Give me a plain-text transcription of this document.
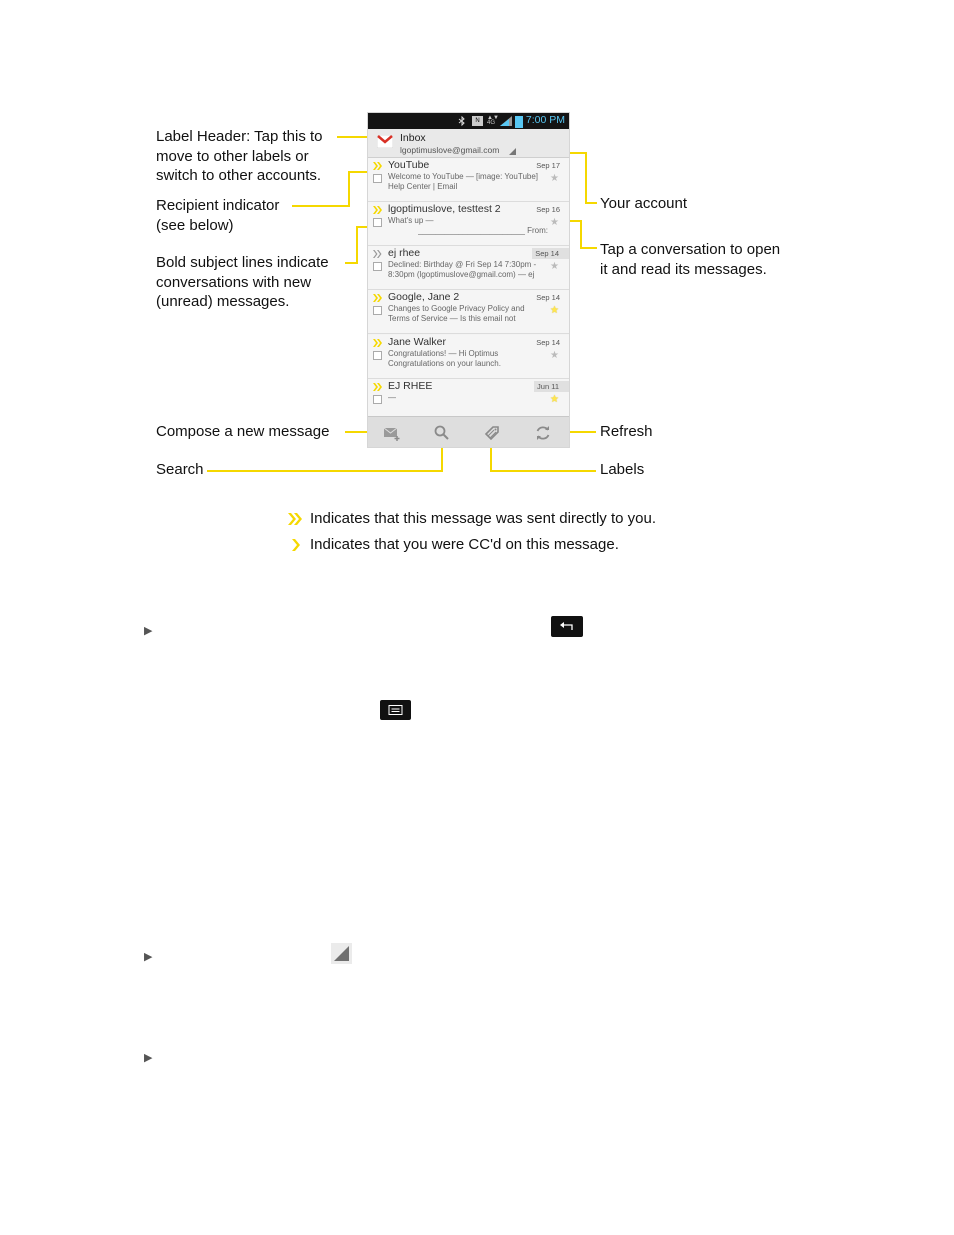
Label Header: Tap this to
move to other labels or
switch to other accounts.
Recipient indicator
(see below)
Bold subject lines indicate
conversations with new
(unread) messages.
Compose a new message
Search
Your account
Tap a conversation to open
it and read its messages.
Refresh
Labels
N	▲▼
4G	7:00 PM
Inbox
lgoptimuslove@gmail.com
YouTube	Sep 17
Welcome to YouTube — [image: YouTube] Help Center | Email
★
lgoptimuslove, testtest 2	Sep 16
What's up —
________________________ From:
★
ej rhee	Sep 14
Declined: Birthday @ Fri Sep 14 7:30pm - 8:30pm (lgoptimuslove@gmail.com) — ej
★
Google, Jane 2	Sep 14
Changes to Google Privacy Policy and Terms of Service — Is this email not
★
Jane Walker	Sep 14
Congratulations! — Hi Optimus Congratulations on your launch.
★
EJ RHEE	Jun 11
—	★
Indicates that this message was sent directly to you.
Indicates that you were CC'd on this message.
▶
▶
▶
